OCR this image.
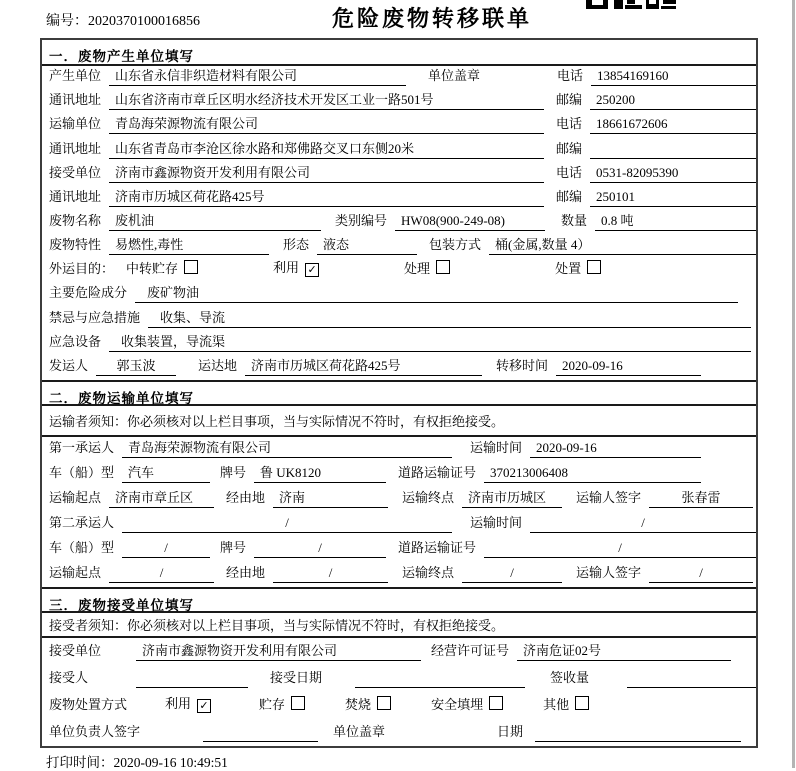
编号：2020370100016856	危险废物转移联单
一．废物产生单位填写
产生单位	山东省永信非织造材料有限公司	单位盖章	电话	13854169160
通讯地址	山东省济南市章丘区明水经济技术开发区工业一路501号	邮编	250200
运输单位	青岛海荣源物流有限公司	电话	18661672606
通讯地址	山东省青岛市李沧区徐水路和郑佛路交叉口东侧20米	邮编
接受单位	济南市鑫源物资开发利用有限公司	电话	0531-82095390
通讯地址	济南市历城区荷花路425号	邮编	250101
废物名称	废机油	类别编号	HW08(900-249-08)	数量	0.8 吨
废物特性	易燃性,毒性	形态	液态	包装方式	桶(金属,数量 4）
外运目的： 中转贮存	利用 ✓	处理	处置
主要危险成分	废矿物油
禁忌与应急措施	收集、导流
应急设备	收集装置，导流渠
发运人	郭玉波	运达地	济南市历城区荷花路425号	转移时间	2020-09-16
二．废物运输单位填写
运输者须知：你必须核对以上栏目事项，当与实际情况不符时，有权拒绝接受。
第一承运人	青岛海荣源物流有限公司	运输时间	2020-09-16
车（船）型	汽车	牌号	鲁 UK8120	道路运输证号	370213006408
运输起点	济南市章丘区	经由地	济南	运输终点	济南市历城区	运输人签字	张春雷
第二承运人	/	运输时间	/
车（船）型	/	牌号	/	道路运输证号	/
运输起点	/	经由地	/	运输终点	/	运输人签字	/
三．废物接受单位填写
接受者须知：你必须核对以上栏目事项，当与实际情况不符时，有权拒绝接受。
接受单位	济南市鑫源物资开发利用有限公司	经营许可证号	济南危证02号
接受人	接受日期	签收量
废物处置方式	利用 ✓	贮存	焚烧	安全填埋	其他
单位负责人签字	单位盖章	日期
打印时间：2020-09-16 10:49:51
